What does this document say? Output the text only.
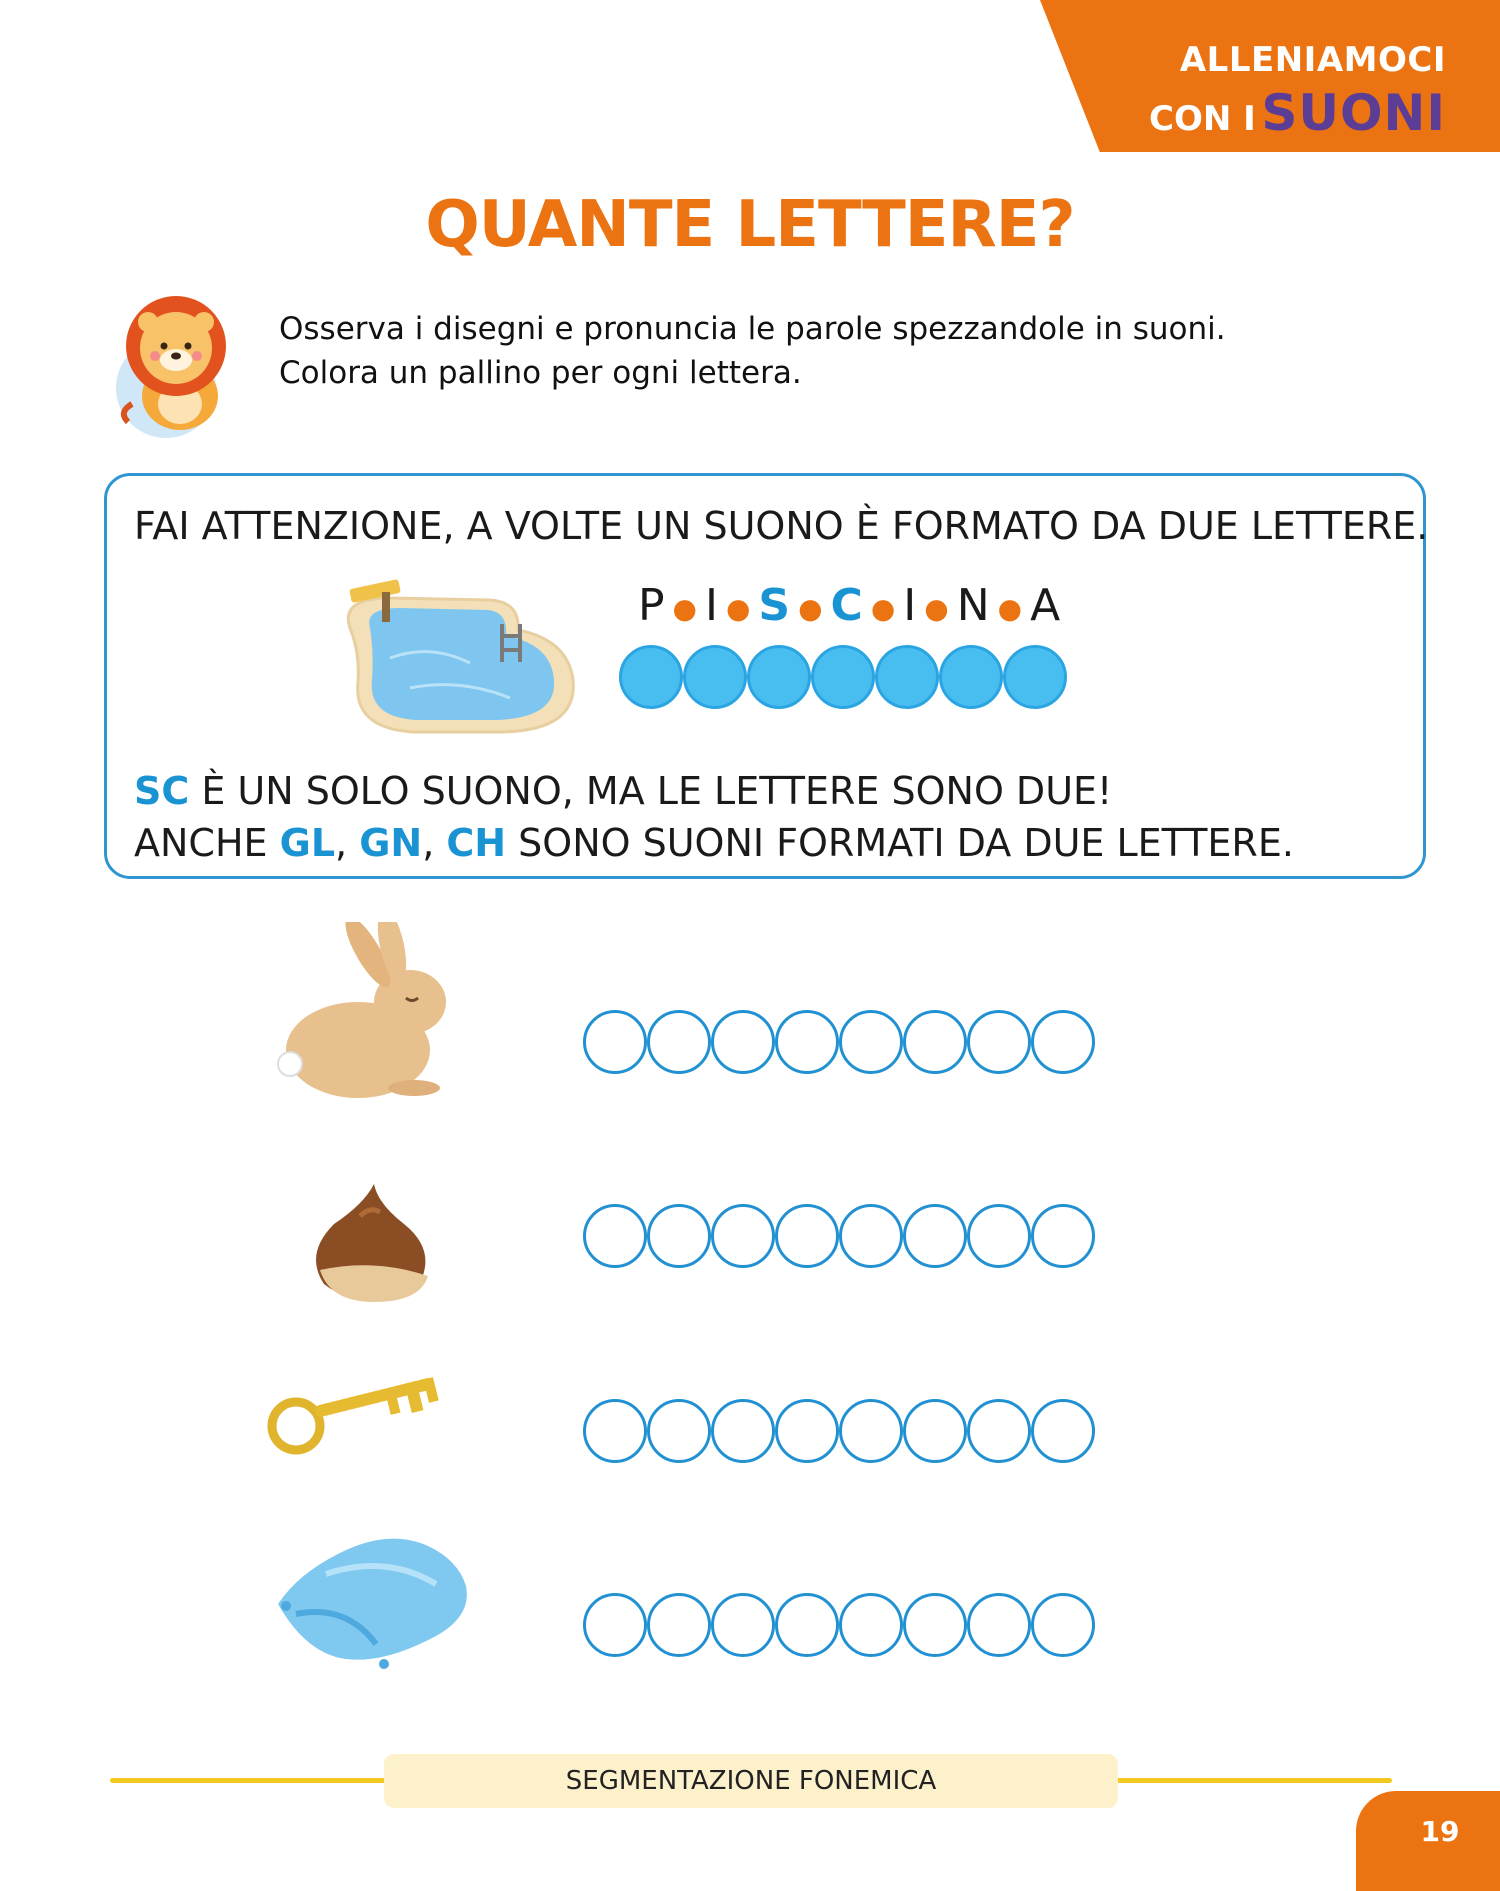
ALLENIAMOCI
CON I SUONI
QUANTE LETTERE?
Osserva i disegni e pronuncia le parole spezzandole in suoni.
Colora un pallino per ogni lettera.
FAI ATTENZIONE, A VOLTE UN SUONO È FORMATO DA DUE LETTERE.
P ● I ● S ● C ● I ● N ● A
SC È UN SOLO SUONO, MA LE LETTERE SONO DUE!
ANCHE GL, GN, CH SONO SUONI FORMATI DA DUE LETTERE.
SEGMENTAZIONE FONEMICA
19
